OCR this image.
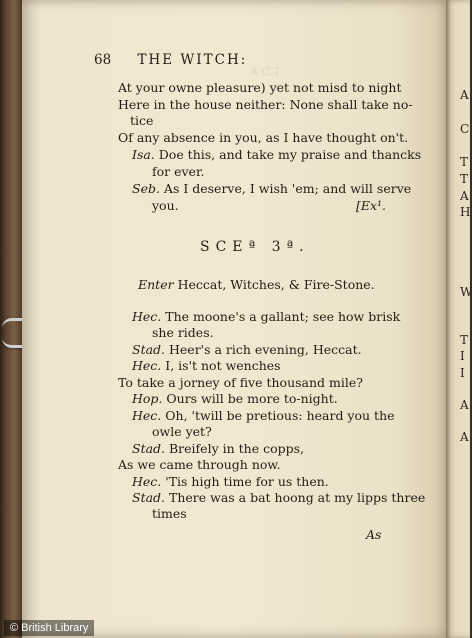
A C T
68 THE WITCH:
At your owne pleasure) yet not misd to night
Here in the house neither: None shall take no-
tice
Of any absence in you, as I have thought on't.
Isa. Doe this, and take my praise and thancks
for ever.
Seb. As I deserve, I wish 'em; and will serve
you.	[Ex¹.
SCEª 3ª.
Enter Heccat, Witches, & Fire-Stone.
Hec. The moone's a gallant; see how brisk
she rides.
Stad. Heer's a rich evening, Heccat.
Hec. I, is't not wenches
To take a jorney of five thousand mile?
Hop. Ours will be more to-night.
Hec. Oh, 'twill be pretious: heard you the
owle yet?
Stad. Breifely in the copps,
As we came through now.
Hec. 'Tis high time for us then.
Stad. There was a bat hoong at my lipps three
times
As
A
C
T
T
A
H
W
T
I
I
A
A
© British Library
